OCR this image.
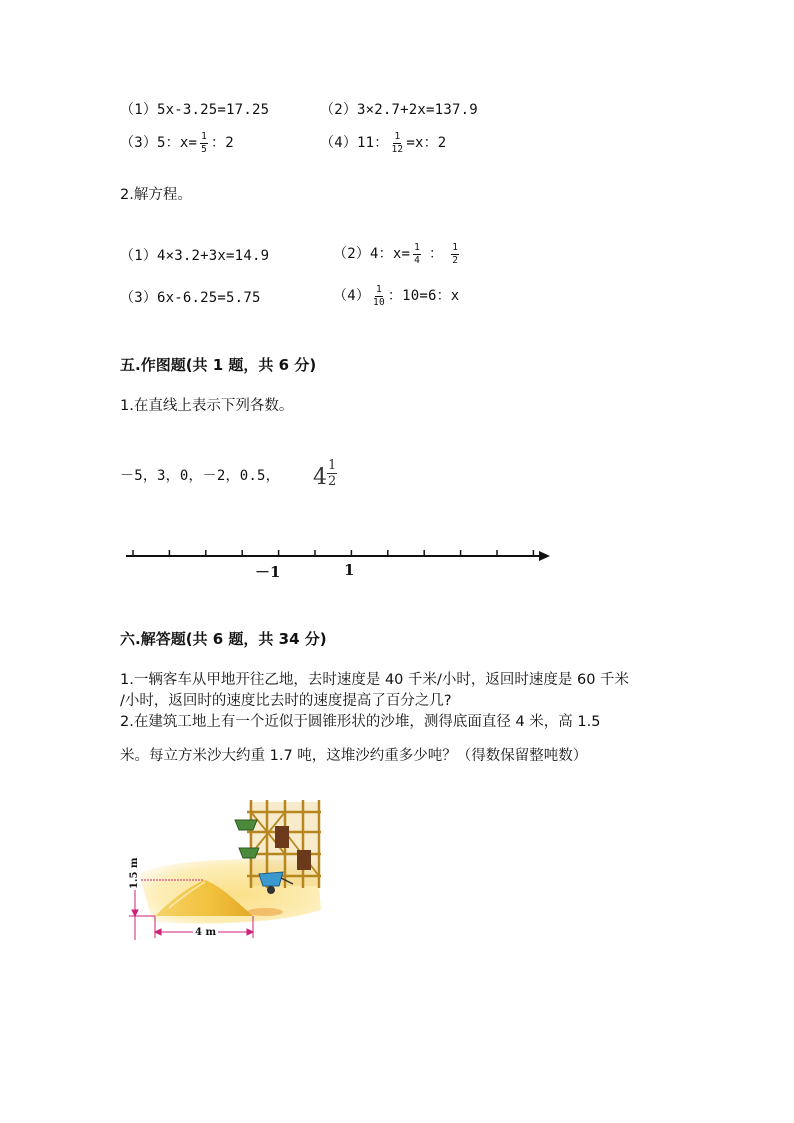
（1）5x-3.25=17.25	（2）3×2.7+2x=137.9
（3）5：$x= \frac{1}{5}$ ：2	（4）11： $\frac{1}{12} =x$：2
2.解方程。
（1）4×3.2+3x=14.9	（2）4：$x= \frac{1}{4}$ ： $\frac{1}{2}$
（3）6x-6.25=5.75	$(4) \frac{1}{10}$ ：10=6：x
五.作图题(共 1 题，共 6 分)
1.在直线上表示下列各数。
－5，3，0，－2，0.5， $4 \frac{1}{2}$
－1	1
六.解答题(共 6 题，共 34 分)
1.一辆客车从甲地开往乙地，去时速度是 40 千米/小时，返回时速度是 60 千米
/小时，返回时的速度比去时的速度提高了百分之几?
2.在建筑工地上有一个近似于圆锥形状的沙堆，测得底面直径 4 米，高 1.5
米。每立方米沙大约重 1.7 吨，这堆沙约重多少吨？（得数保留整吨数）
1.5 m
4 m
